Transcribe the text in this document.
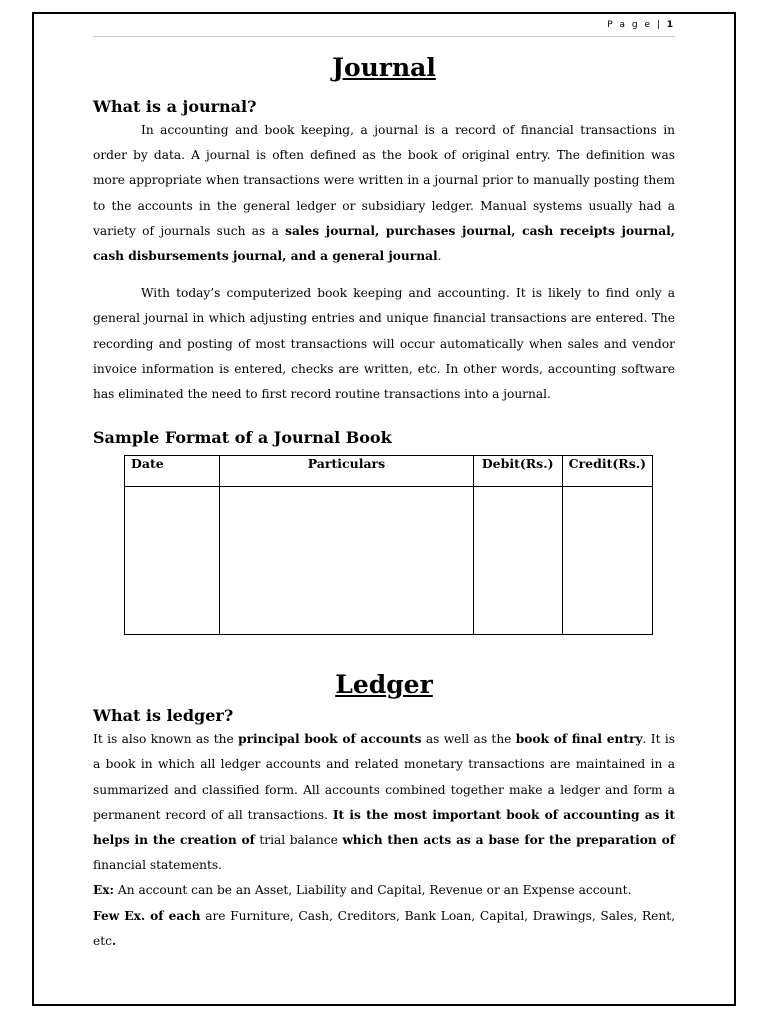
P a g e | 1
Journal
What is a journal?

In accounting and book keeping, a journal is a record of financial transactions in order by data. A journal is often defined as the book of original entry. The definition was more appropriate when transactions were written in a journal prior to manually posting them to the accounts in the general ledger or subsidiary ledger. Manual systems usually had a variety of journals such as a sales journal, purchases journal, cash receipts journal, cash disbursements journal, and a general journal.

With today’s computerized book keeping and accounting. It is likely to find only a general journal in which adjusting entries and unique financial transactions are entered. The recording and posting of most transactions will occur automatically when sales and vendor invoice information is entered, checks are written, etc. In other words, accounting software has eliminated the need to first record routine transactions into a journal.

Sample Format of a Journal Book
Date	Particulars	Debit(Rs.)	Credit(Rs.)

Ledger
What is ledger?

It is also known as the principal book of accounts as well as the book of final entry. It is a book in which all ledger accounts and related monetary transactions are maintained in a summarized and classified form. All accounts combined together make a ledger and form a permanent record of all transactions. It is the most important book of accounting as it helps in the creation of trial balance which then acts as a base for the preparation of financial statements.

Ex: An account can be an Asset, Liability and Capital, Revenue or an Expense account.

Few Ex. of each are Furniture, Cash, Creditors, Bank Loan, Capital, Drawings, Sales, Rent, etc.
